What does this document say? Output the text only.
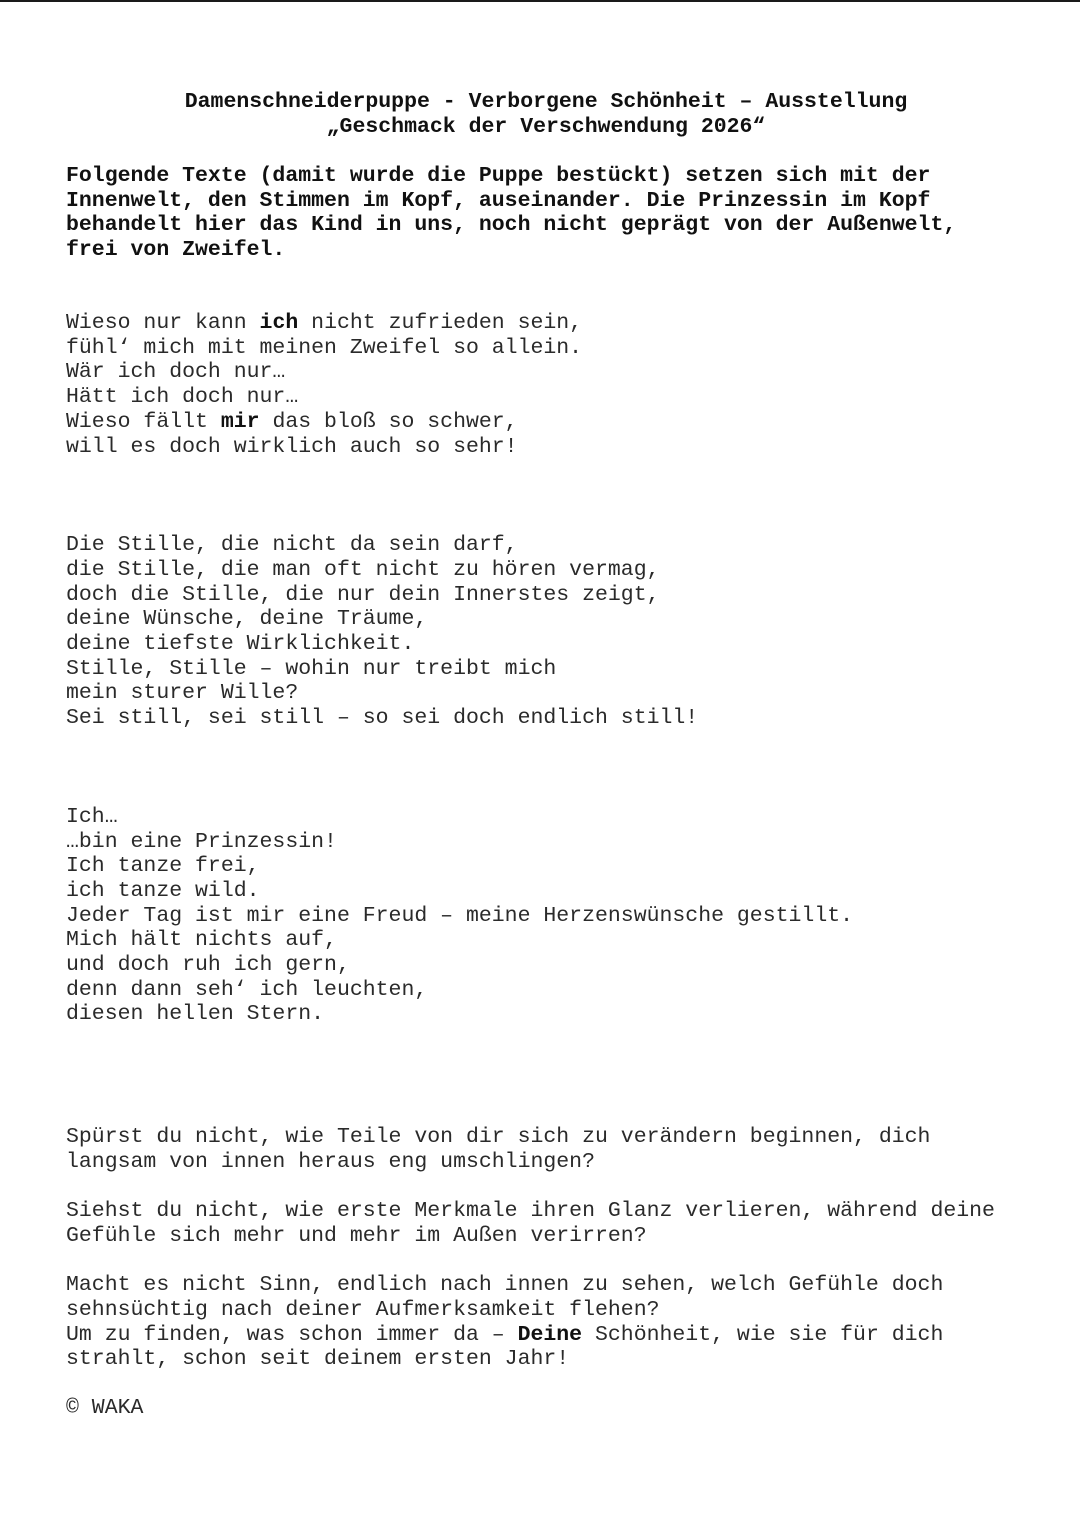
Damenschneiderpuppe - Verborgene Schönheit – Ausstellung
„Geschmack der Verschwendung 2026“
Folgende Texte (damit wurde die Puppe bestückt) setzen sich mit der
Innenwelt, den Stimmen im Kopf, auseinander. Die Prinzessin im Kopf
behandelt hier das Kind in uns, noch nicht geprägt von der Außenwelt,
frei von Zweifel.
Wieso nur kann ich nicht zufrieden sein,
fühl‘ mich mit meinen Zweifel so allein.
Wär ich doch nur…
Hätt ich doch nur…
Wieso fällt mir das bloß so schwer,
will es doch wirklich auch so sehr!
Die Stille, die nicht da sein darf,
die Stille, die man oft nicht zu hören vermag,
doch die Stille, die nur dein Innerstes zeigt,
deine Wünsche, deine Träume,
deine tiefste Wirklichkeit.
Stille, Stille – wohin nur treibt mich
mein sturer Wille?
Sei still, sei still – so sei doch endlich still!
Ich…
…bin eine Prinzessin!
Ich tanze frei,
ich tanze wild.
Jeder Tag ist mir eine Freud – meine Herzenswünsche gestillt.
Mich hält nichts auf,
und doch ruh ich gern,
denn dann seh‘ ich leuchten,
diesen hellen Stern.
Spürst du nicht, wie Teile von dir sich zu verändern beginnen, dich
langsam von innen heraus eng umschlingen?
Siehst du nicht, wie erste Merkmale ihren Glanz verlieren, während deine
Gefühle sich mehr und mehr im Außen verirren?
Macht es nicht Sinn, endlich nach innen zu sehen, welch Gefühle doch
sehnsüchtig nach deiner Aufmerksamkeit flehen?
Um zu finden, was schon immer da – Deine Schönheit, wie sie für dich
strahlt, schon seit deinem ersten Jahr!
© WAKA
